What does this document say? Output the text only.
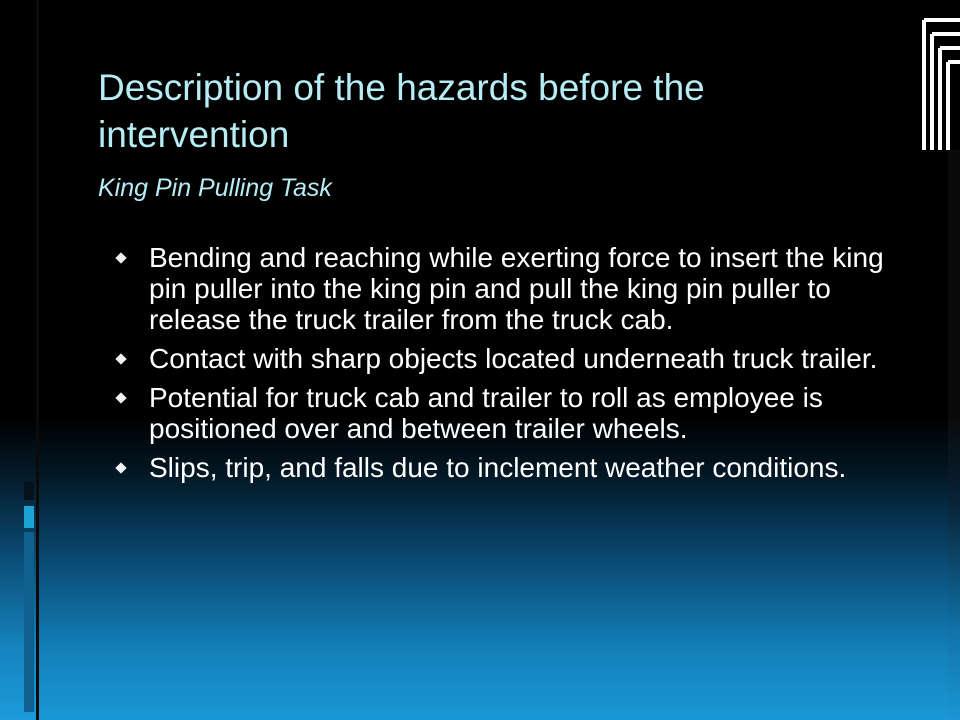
Description of the hazards before the intervention

King Pin Pulling Task

Bending and reaching while exerting force to insert the king pin puller into the king pin and pull the king pin puller to release the truck trailer from the truck cab.
Contact with sharp objects located underneath truck trailer.
Potential for truck cab and trailer to roll as employee is positioned over and between trailer wheels.
Slips, trip, and falls due to inclement weather conditions.
